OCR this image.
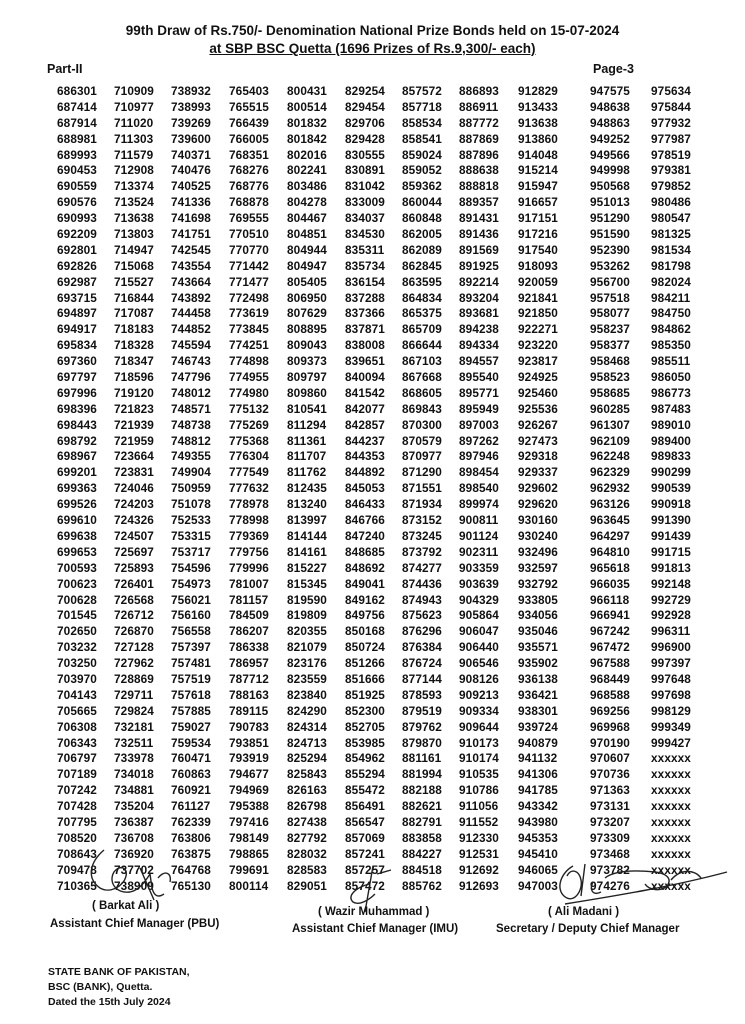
99th Draw of Rs.750/- Denomination National Prize Bonds held on 15-07-2024
at SBP BSC Quetta (1696 Prizes of Rs.9,300/- each)
Part-II	Page-3
686301 710909 738932 765403 800431 829254 857572 886893 912829	947575 975634
687414 710977 738993 765515 800514 829454 857718 886911 913433	948638 975844
687914 711020 739269 766439 801832 829706 858534 887772 913638	948863 977932
688981 711303 739600 766005 801842 829428 858541 887869 913860	949252 977987
689993 711579 740371 768351 802016 830555 859024 887896 914048	949566 978519
690453 712908 740476 768276 802241 830891 859052 888638 915214	949998 979381
690559 713374 740525 768776 803486 831042 859362 888818 915947	950568 979852
690576 713524 741336 768878 804278 833009 860044 889357 916657	951013 980486
690993 713638 741698 769555 804467 834037 860848 891431 917151	951290 980547
692209 713803 741751 770510 804851 834530 862005 891436 917216	951590 981325
692801 714947 742545 770770 804944 835311 862089 891569 917540	952390 981534
692826 715068 743554 771442 804947 835734 862845 891925 918093	953262 981798
692987 715527 743664 771477 805405 836154 863595 892214 920059	956700 982024
693715 716844 743892 772498 806950 837288 864834 893204 921841	957518 984211
694897 717087 744458 773619 807629 837366 865375 893681 921850	958077 984750
694917 718183 744852 773845 808895 837871 865709 894238 922271	958237 984862
695834 718328 745594 774251 809043 838008 866644 894334 923220	958377 985350
697360 718347 746743 774898 809373 839651 867103 894557 923817	958468 985511
697797 718596 747796 774955 809797 840094 867668 895540 924925	958523 986050
697996 719120 748012 774980 809860 841542 868605 895771 925460	958685 986773
698396 721823 748571 775132 810541 842077 869843 895949 925536	960285 987483
698443 721939 748738 775269 811294 842857 870300 897003 926267	961307 989010
698792 721959 748812 775368 811361 844237 870579 897262 927473	962109 989400
698967 723664 749355 776304 811707 844353 870977 897946 929318	962248 989833
699201 723831 749904 777549 811762 844892 871290 898454 929337	962329 990299
699363 724046 750959 777632 812435 845053 871551 898540 929602	962932 990539
699526 724203 751078 778978 813240 846433 871934 899974 929620	963126 990918
699610 724326 752533 778998 813997 846766 873152 900811 930160	963645 991390
699638 724507 753315 779369 814144 847240 873245 901124 930240	964297 991439
699653 725697 753717 779756 814161 848685 873792 902311 932496	964810 991715
700593 725893 754596 779996 815227 848692 874277 903359 932597	965618 991813
700623 726401 754973 781007 815345 849041 874436 903639 932792	966035 992148
700628 726568 756021 781157 819590 849162 874943 904329 933805	966118 992729
701545 726712 756160 784509 819809 849756 875623 905864 934056	966941 992928
702650 726870 756558 786207 820355 850168 876296 906047 935046	967242 996311
703232 727128 757397 786338 821079 850724 876384 906440 935571	967472 996900
703250 727962 757481 786957 823176 851266 876724 906546 935902	967588 997397
703970 728869 757519 787712 823559 851666 877144 908126 936138	968449 997648
704143 729711 757618 788163 823840 851925 878593 909213 936421	968588 997698
705665 729824 757885 789115 824290 852300 879519 909334 938301	969256 998129
706308 732181 759027 790783 824314 852705 879762 909644 939724	969968 999349
706343 732511 759534 793851 824713 853985 879870 910173 940879	970190 999427
706797 733978 760471 793919 825294 854962 881161 910174 941132	970607 xxxxxx
707189 734018 760863 794677 825843 855294 881994 910535 941306	970736 xxxxxx
707242 734881 760921 794969 826163 855472 882188 910786 941785	971363 xxxxxx
707428 735204 761127 795388 826798 856491 882621 911056 943342	973131 xxxxxx
707795 736387 762339 797416 827438 856547 882791 911552 943980	973207 xxxxxx
708520 736708 763806 798149 827792 857069 883858 912330 945353	973309 xxxxxx
708643 736920 763875 798865 828032 857241 884227 912531 945410	973468 xxxxxx
709478 737702 764768 799691 828583 857257 884518 912692 946065	973782 xxxxxx
710365 738909 765130 800114 829051 857472 885762 912693 947003	974276 xxxxxx
( Barkat Ali )
Assistant Chief Manager (PBU)
( Wazir Muhammad )
Assistant Chief Manager (IMU)
( Ali Madani )
Secretary / Deputy Chief Manager
STATE BANK OF PAKISTAN,
BSC (BANK), Quetta.
Dated the 15th July 2024
